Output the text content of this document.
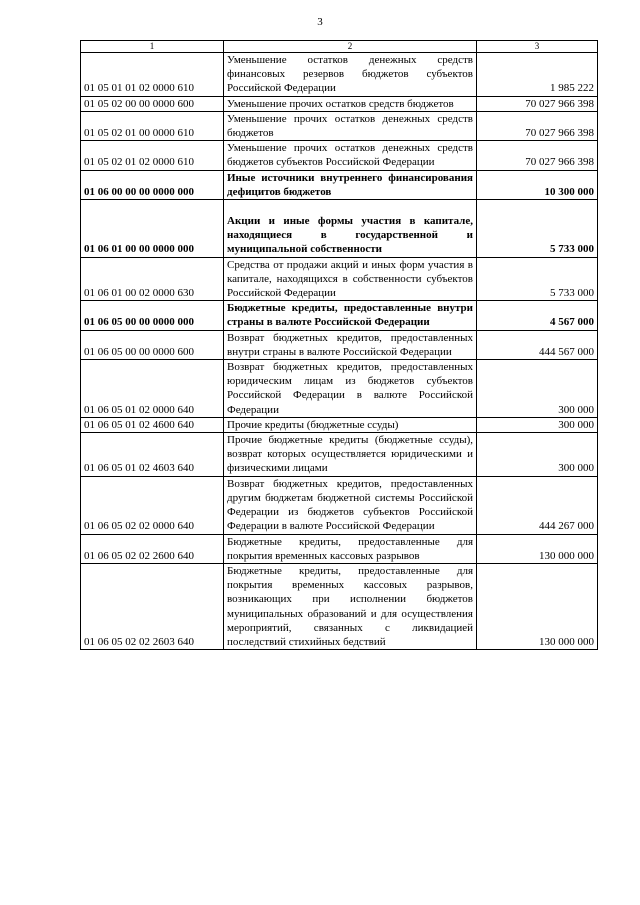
3
1	2	3
01 05 01 01 02 0000 610	Уменьшение остатков денежных средств финансовых резервов бюджетов субъектов Российской Федерации	1 985 222
01 05 02 00 00 0000 600	Уменьшение прочих остатков средств бюджетов	70 027 966 398
01 05 02 01 00 0000 610	Уменьшение прочих остатков денежных средств бюджетов	70 027 966 398
01 05 02 01 02 0000 610	Уменьшение прочих остатков денежных средств бюджетов субъектов Российской Федерации	70 027 966 398
01 06 00 00 00 0000 000	Иные источники внутреннего финансирования дефицитов бюджетов	10 300 000
01 06 01 00 00 0000 000	Акции и иные формы участия в капитале, находящиеся в государственной и муниципальной собственности	5 733 000
01 06 01 00 02 0000 630	Средства от продажи акций и иных форм участия в капитале, находящихся в собственности субъектов Российской Федерации	5 733 000
01 06 05 00 00 0000 000	Бюджетные кредиты, предоставленные внутри страны в валюте Российской Федерации	4 567 000
01 06 05 00 00 0000 600	Возврат бюджетных кредитов, предоставленных внутри страны в валюте Российской Федерации	444 567 000
01 06 05 01 02 0000 640	Возврат бюджетных кредитов, предоставленных юридическим лицам из бюджетов субъектов Российской Федерации в валюте Российской Федерации	300 000
01 06 05 01 02 4600 640	Прочие кредиты (бюджетные ссуды)	300 000
01 06 05 01 02 4603 640	Прочие бюджетные кредиты (бюджетные ссуды), возврат которых осуществляется юридическими и физическими лицами	300 000
01 06 05 02 02 0000 640	Возврат бюджетных кредитов, предоставленных другим бюджетам бюджетной системы Российской Федерации из бюджетов субъектов Российской Федерации в валюте Российской Федерации	444 267 000
01 06 05 02 02 2600 640	Бюджетные кредиты, предоставленные для покрытия временных кассовых разрывов	130 000 000
01 06 05 02 02 2603 640	Бюджетные кредиты, предоставленные для покрытия временных кассовых разрывов, возникающих при исполнении бюджетов муниципальных образований и для осуществления мероприятий, связанных с ликвидацией последствий стихийных бедствий	130 000 000
